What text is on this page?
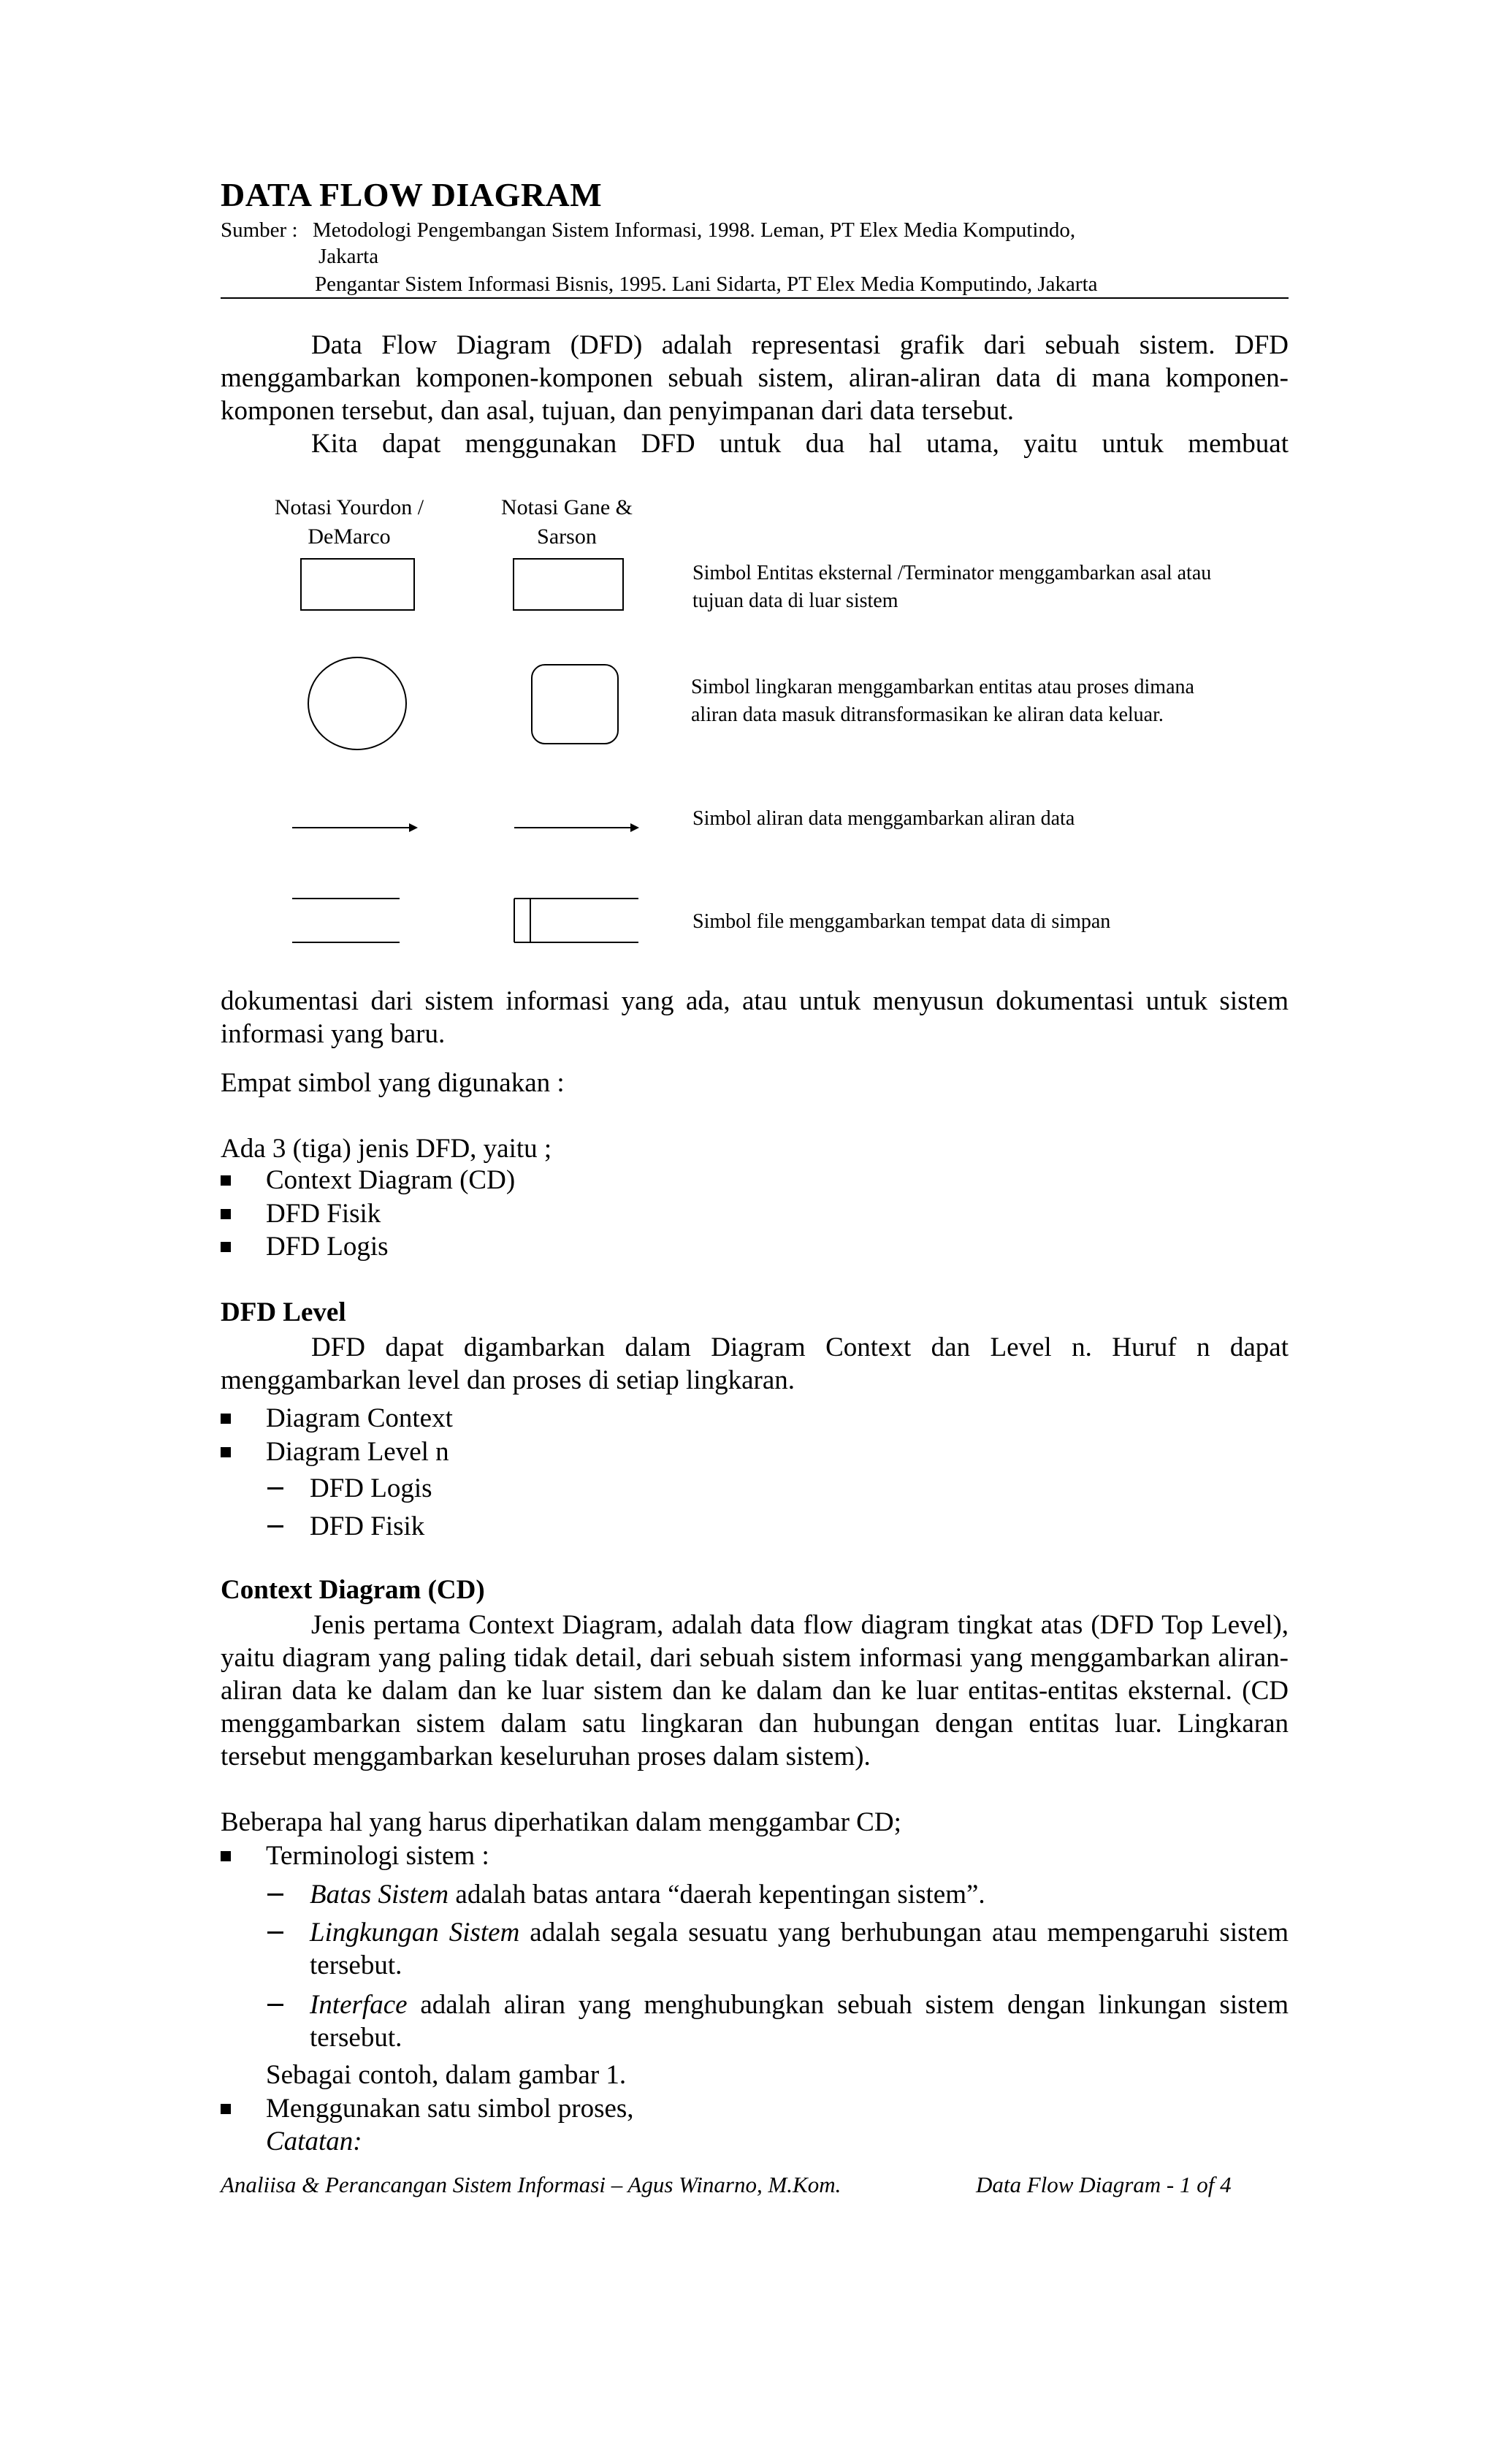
DATA FLOW DIAGRAM
Sumber : Metodologi Pengembangan Sistem Informasi, 1998. Leman, PT Elex Media Komputindo,
Jakarta
Pengantar Sistem Informasi Bisnis, 1995. Lani Sidarta, PT Elex Media Komputindo, Jakarta
Data Flow Diagram (DFD) adalah representasi grafik dari sebuah sistem. DFD menggambarkan komponen-komponen sebuah sistem, aliran-aliran data di mana komponen-komponen tersebut, dan asal, tujuan, dan penyimpanan dari data tersebut.
Kita dapat menggunakan DFD untuk dua hal utama, yaitu untuk membuat
Notasi Yourdon / DeMarco
Notasi Gane & Sarson
Simbol Entitas eksternal /Terminator menggambarkan asal atau tujuan data di luar sistem
Simbol lingkaran menggambarkan entitas atau proses dimana aliran data masuk ditransformasikan ke aliran data keluar.
Simbol aliran data menggambarkan aliran data
Simbol file menggambarkan tempat data di simpan
dokumentasi dari sistem informasi yang ada, atau untuk menyusun dokumentasi untuk sistem informasi yang baru.
Empat simbol yang digunakan :
Ada 3 (tiga) jenis DFD, yaitu ;
Context Diagram (CD)
DFD Fisik
DFD Logis
DFD Level
DFD dapat digambarkan dalam Diagram Context dan Level n. Huruf n dapat menggambarkan level dan proses di setiap lingkaran.
Diagram Context
Diagram Level n
DFD Logis
DFD Fisik
Context Diagram (CD)
Jenis pertama Context Diagram, adalah data flow diagram tingkat atas (DFD Top Level), yaitu diagram yang paling tidak detail, dari sebuah sistem informasi yang menggambarkan aliran-aliran data ke dalam dan ke luar sistem dan ke dalam dan ke luar entitas-entitas eksternal. (CD menggambarkan sistem dalam satu lingkaran dan hubungan dengan entitas luar. Lingkaran tersebut menggambarkan keseluruhan proses dalam sistem).
Beberapa hal yang harus diperhatikan dalam menggambar CD;
Terminologi sistem :
Batas Sistem adalah batas antara “daerah kepentingan sistem”.
Lingkungan Sistem adalah segala sesuatu yang berhubungan atau mempengaruhi sistem tersebut.
Interface adalah aliran yang menghubungkan sebuah sistem dengan linkungan sistem tersebut.
Sebagai contoh, dalam gambar 1.
Menggunakan satu simbol proses,
Catatan:
Analiisa & Perancangan Sistem Informasi – Agus Winarno, M.Kom.	Data Flow Diagram - 1 of 4
